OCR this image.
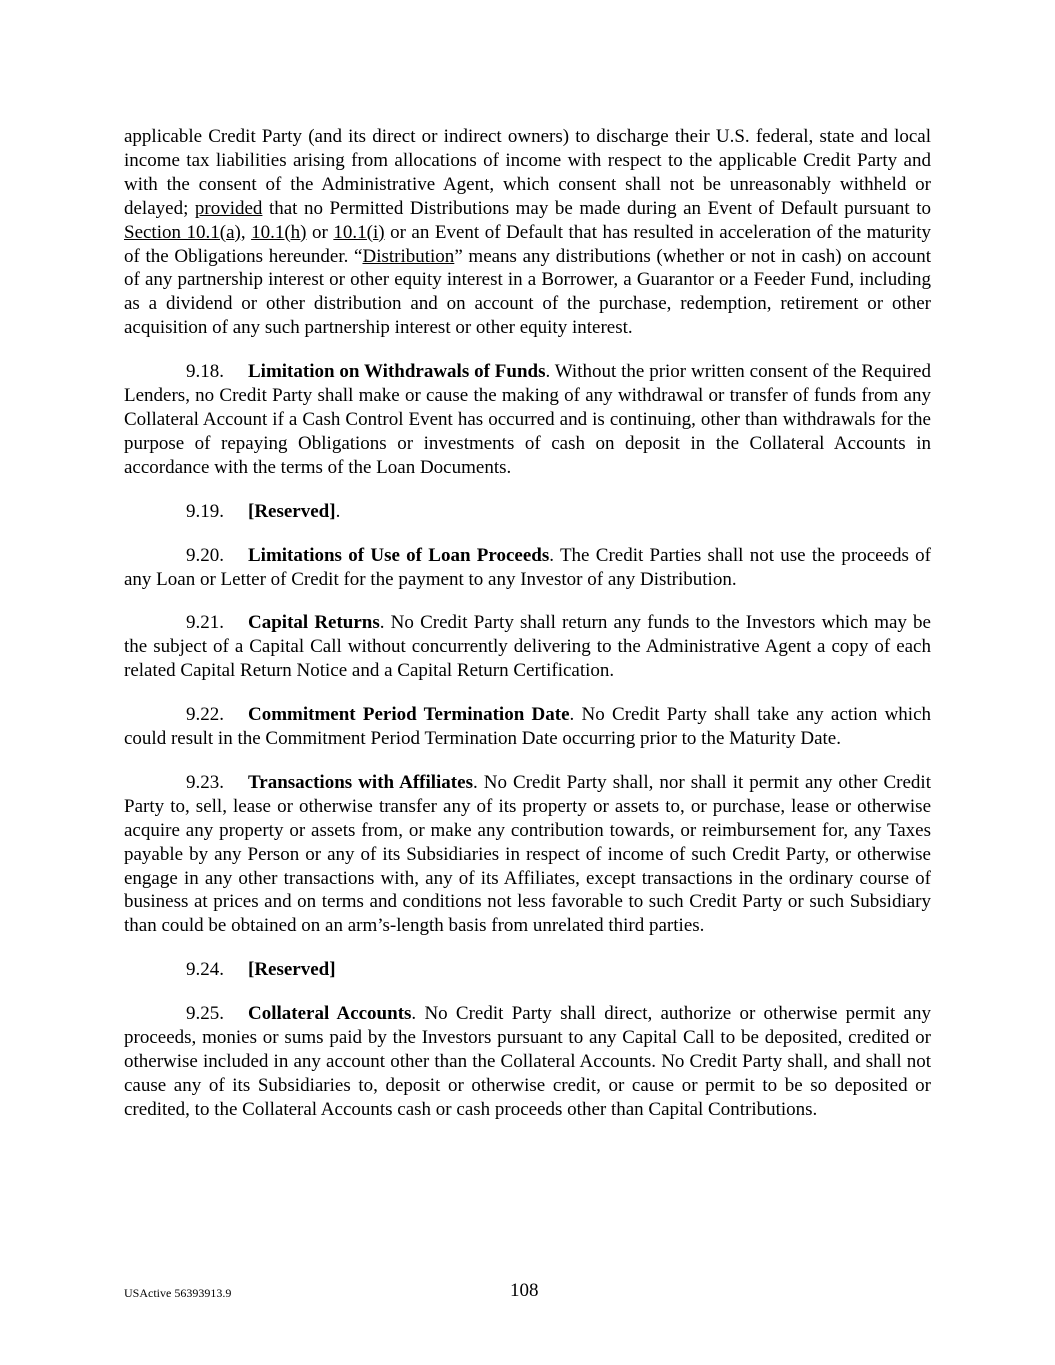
applicable Credit Party (and its direct or indirect owners) to discharge their U.S. federal, state and local income tax liabilities arising from allocations of income with respect to the applicable Credit Party and with the consent of the Administrative Agent, which consent shall not be unreasonably withheld or delayed; provided that no Permitted Distributions may be made during an Event of Default pursuant to Section 10.1(a), 10.1(h) or 10.1(i) or an Event of Default that has resulted in acceleration of the maturity of the Obligations hereunder. “Distribution” means any distributions (whether or not in cash) on account of any partnership interest or other equity interest in a Borrower, a Guarantor or a Feeder Fund, including as a dividend or other distribution and on account of the purchase, redemption, retirement or other acquisition of any such partnership interest or other equity interest.

9.18. Limitation on Withdrawals of Funds. Without the prior written consent of the Required Lenders, no Credit Party shall make or cause the making of any withdrawal or transfer of funds from any Collateral Account if a Cash Control Event has occurred and is continuing, other than withdrawals for the purpose of repaying Obligations or investments of cash on deposit in the Collateral Accounts in accordance with the terms of the Loan Documents.

9.19. [Reserved].

9.20. Limitations of Use of Loan Proceeds. The Credit Parties shall not use the proceeds of any Loan or Letter of Credit for the payment to any Investor of any Distribution.

9.21. Capital Returns. No Credit Party shall return any funds to the Investors which may be the subject of a Capital Call without concurrently delivering to the Administrative Agent a copy of each related Capital Return Notice and a Capital Return Certification.

9.22. Commitment Period Termination Date. No Credit Party shall take any action which could result in the Commitment Period Termination Date occurring prior to the Maturity Date.

9.23. Transactions with Affiliates. No Credit Party shall, nor shall it permit any other Credit Party to, sell, lease or otherwise transfer any of its property or assets to, or purchase, lease or otherwise acquire any property or assets from, or make any contribution towards, or reimbursement for, any Taxes payable by any Person or any of its Subsidiaries in respect of income of such Credit Party, or otherwise engage in any other transactions with, any of its Affiliates, except transactions in the ordinary course of business at prices and on terms and conditions not less favorable to such Credit Party or such Subsidiary than could be obtained on an arm’s-length basis from unrelated third parties.

9.24. [Reserved]

9.25. Collateral Accounts. No Credit Party shall direct, authorize or otherwise permit any proceeds, monies or sums paid by the Investors pursuant to any Capital Call to be deposited, credited or otherwise included in any account other than the Collateral Accounts. No Credit Party shall, and shall not cause any of its Subsidiaries to, deposit or otherwise credit, or cause or permit to be so deposited or credited, to the Collateral Accounts cash or cash proceeds other than Capital Contributions.

USActive 56393913.9	108
